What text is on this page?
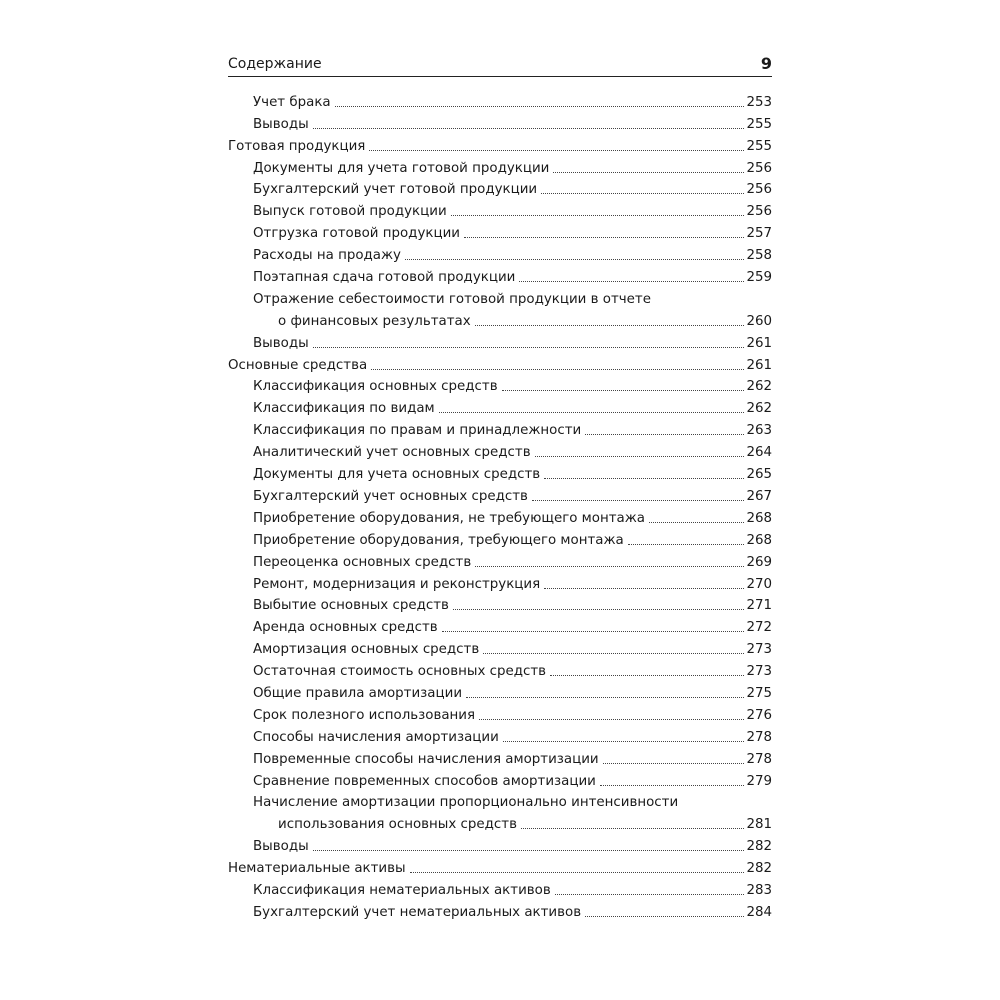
Содержание	9
Учет брака	253
Выводы	255
Готовая продукция	255
Документы для учета готовой продукции	256
Бухгалтерский учет готовой продукции	256
Выпуск готовой продукции	256
Отгрузка готовой продукции	257
Расходы на продажу	258
Поэтапная сдача готовой продукции	259
Отражение себестоимости готовой продукции в отчете
о финансовых результатах	260
Выводы	261
Основные средства	261
Классификация основных средств	262
Классификация по видам	262
Классификация по правам и принадлежности	263
Аналитический учет основных средств	264
Документы для учета основных средств	265
Бухгалтерский учет основных средств	267
Приобретение оборудования, не требующего монтажа	268
Приобретение оборудования, требующего монтажа	268
Переоценка основных средств	269
Ремонт, модернизация и реконструкция	270
Выбытие основных средств	271
Аренда основных средств	272
Амортизация основных средств	273
Остаточная стоимость основных средств	273
Общие правила амортизации	275
Срок полезного использования	276
Способы начисления амортизации	278
Повременные способы начисления амортизации	278
Сравнение повременных способов амортизации	279
Начисление амортизации пропорционально интенсивности
использования основных средств	281
Выводы	282
Нематериальные активы	282
Классификация нематериальных активов	283
Бухгалтерский учет нематериальных активов	284
